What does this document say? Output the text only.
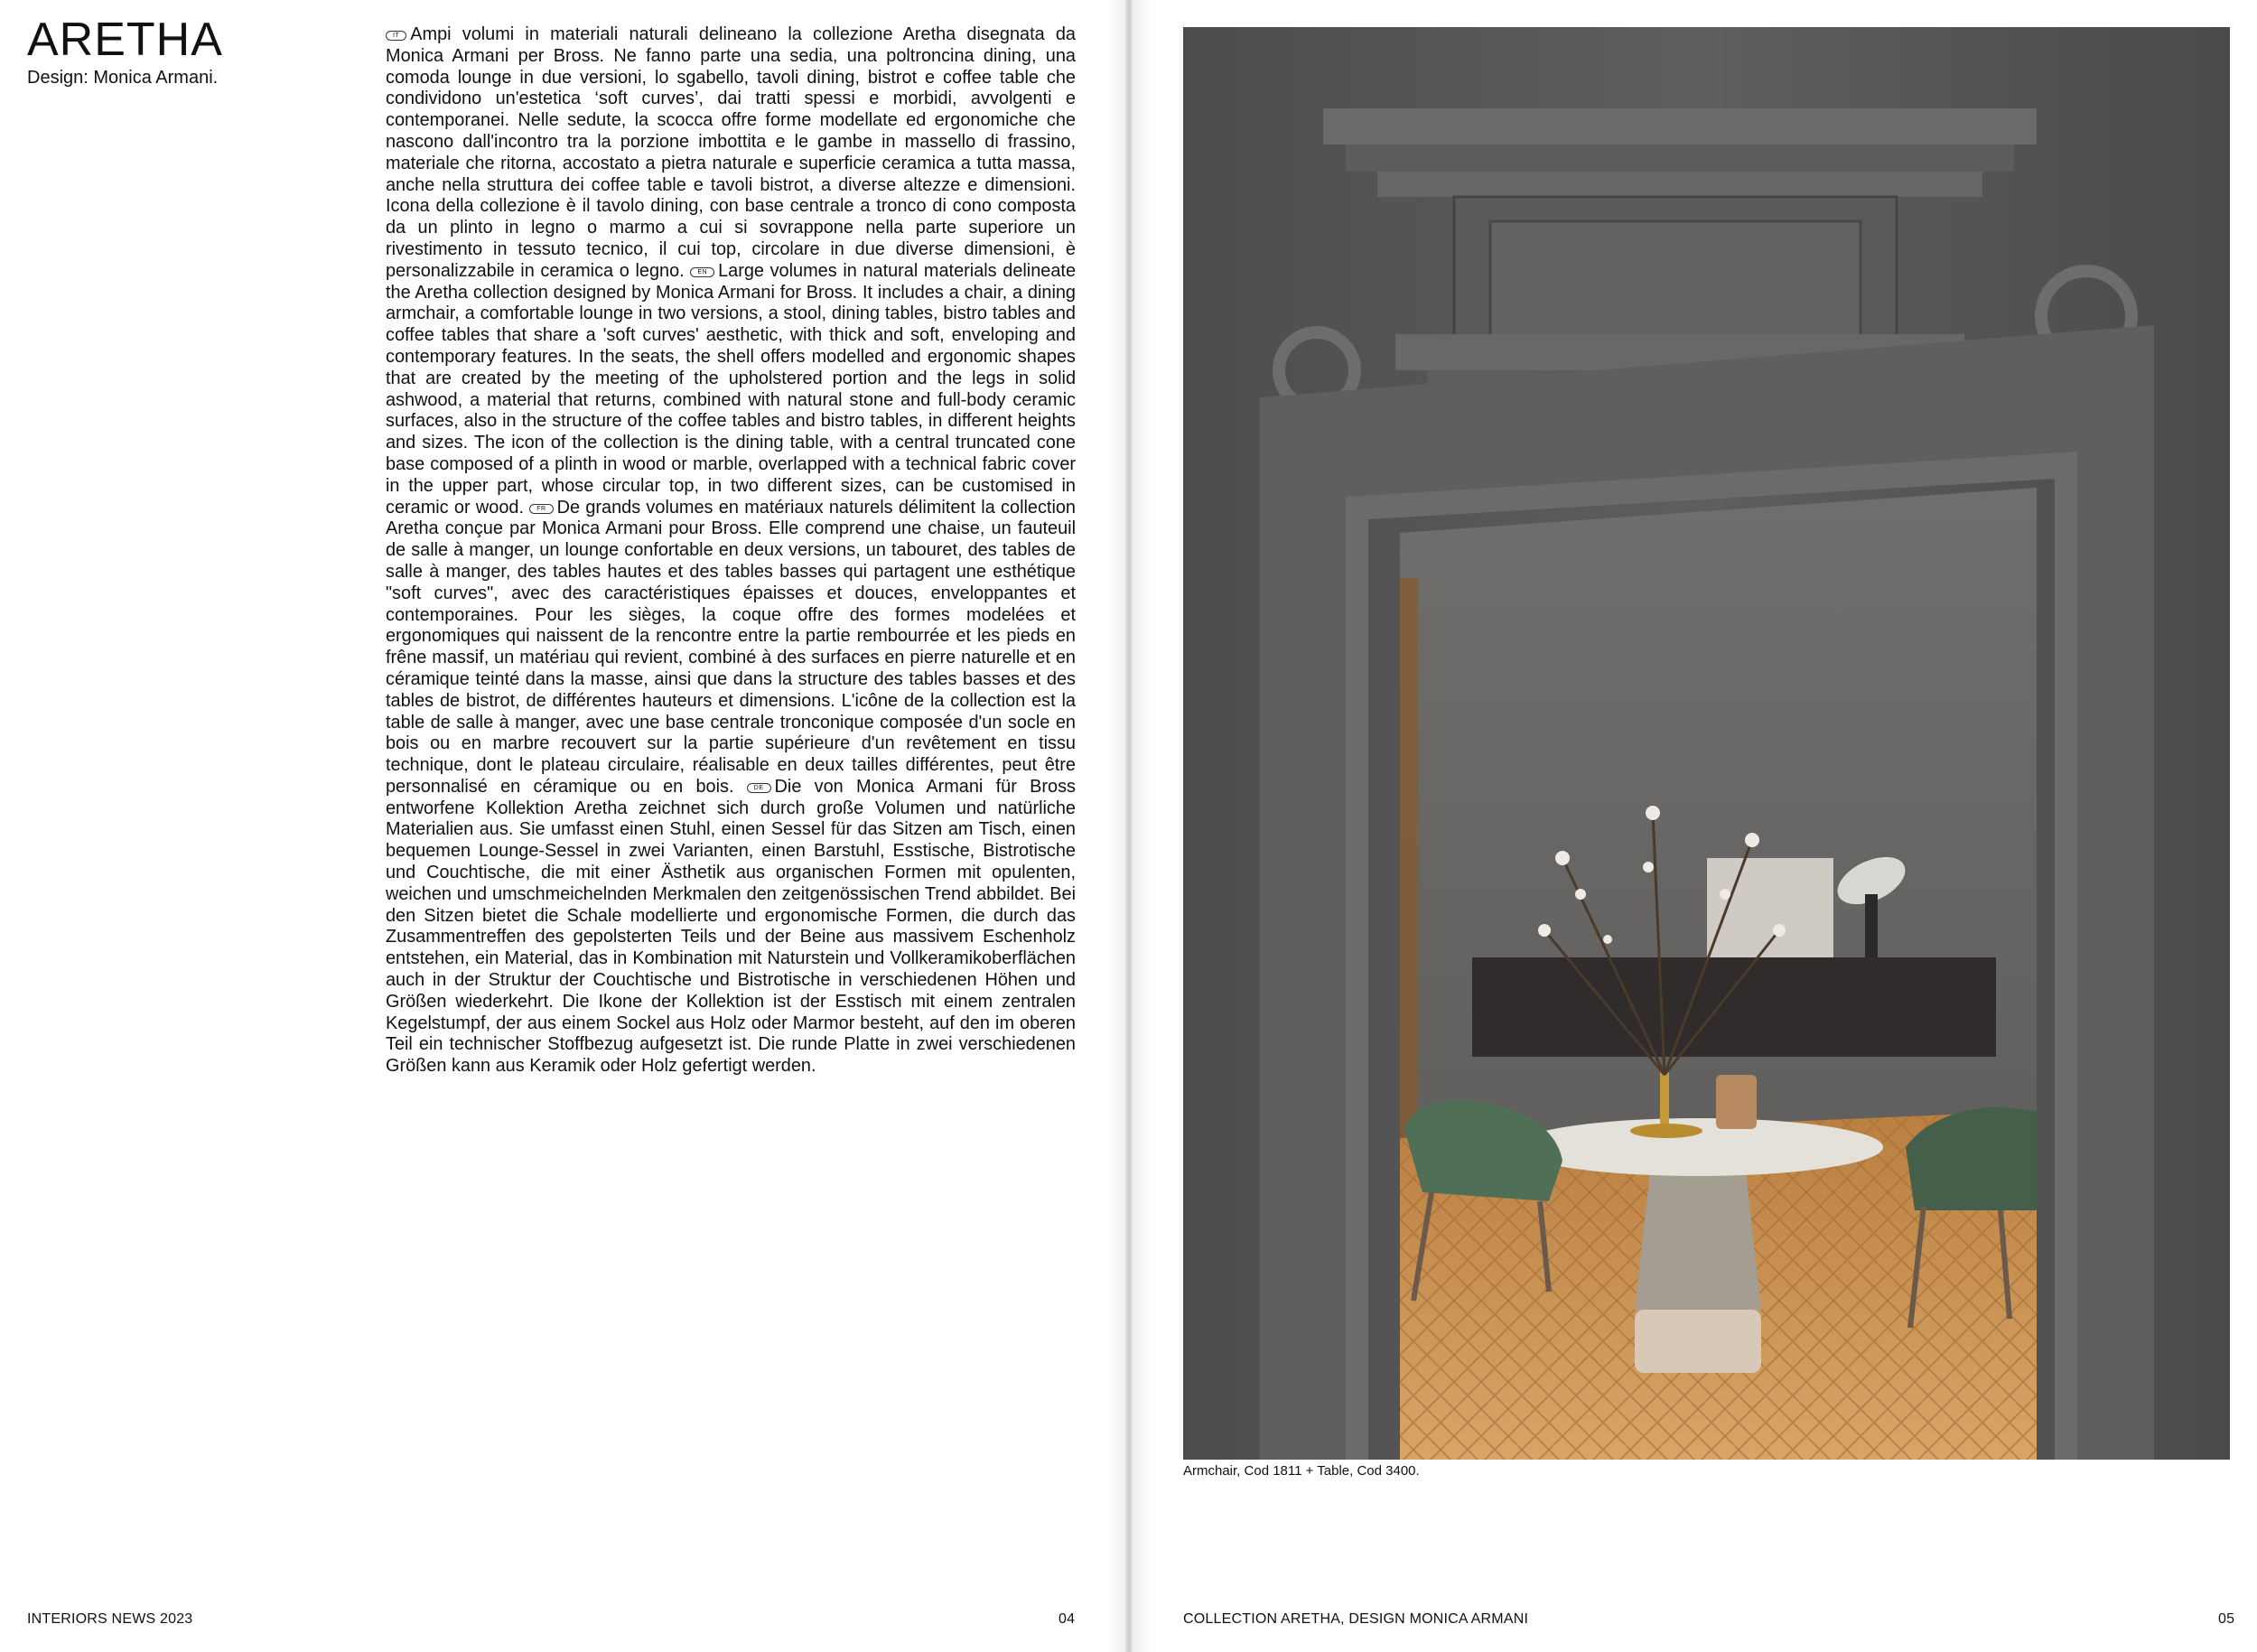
ARETHA
Design: Monica Armani.
IT Ampi volumi in materiali naturali delineano la collezione Aretha disegnata da Monica Armani per Bross. Ne fanno parte una sedia, una poltroncina dining, una comoda lounge in due versioni, lo sgabello, tavoli dining, bistrot e coffee table che condividono un'estetica ‘soft curves’, dai tratti spessi e morbidi, avvolgenti e contemporanei. Nelle sedute, la scocca offre forme modellate ed ergonomiche che nascono dall'incontro tra la porzione imbottita e le gambe in massello di frassino, materiale che ritorna, accostato a pietra naturale e superficie ceramica a tutta massa, anche nella struttura dei coffee table e tavoli bistrot, a diverse altezze e dimensioni. Icona della collezione è il tavolo dining, con base centrale a tronco di cono composta da un plinto in legno o marmo a cui si sovrappone nella parte superiore un rivestimento in tessuto tecnico, il cui top, circolare in due diverse dimensioni, è personalizzabile in ceramica o legno. EN Large volumes in natural materials delineate the Aretha collection designed by Monica Armani for Bross. It includes a chair, a dining armchair, a comfortable lounge in two versions, a stool, dining tables, bistro tables and coffee tables that share a 'soft curves' aesthetic, with thick and soft, enveloping and contemporary features. In the seats, the shell offers modelled and ergonomic shapes that are created by the meeting of the upholstered portion and the legs in solid ashwood, a material that returns, combined with natural stone and full-body ceramic surfaces, also in the structure of the coffee tables and bistro tables, in different heights and sizes. The icon of the collection is the dining table, with a central truncated cone base composed of a plinth in wood or marble, overlapped with a technical fabric cover in the upper part, whose circular top, in two different sizes, can be customised in ceramic or wood. FR De grands volumes en matériaux naturels délimitent la collection Aretha conçue par Monica Armani pour Bross. Elle comprend une chaise, un fauteuil de salle à manger, un lounge confortable en deux versions, un tabouret, des tables de salle à manger, des tables hautes et des tables basses qui partagent une esthétique "soft curves", avec des caractéristiques épaisses et douces, enveloppantes et contemporaines. Pour les sièges, la coque offre des formes modelées et ergonomiques qui naissent de la rencontre entre la partie rembourrée et les pieds en frêne massif, un matériau qui revient, combiné à des surfaces en pierre naturelle et en céramique teinté dans la masse, ainsi que dans la structure des tables basses et des tables de bistrot, de différentes hauteurs et dimensions. L'icône de la collection est la table de salle à manger, avec une base centrale tronconique composée d'un socle en bois ou en marbre recouvert sur la partie supérieure d'un revêtement en tissu technique, dont le plateau circulaire, réalisable en deux tailles différentes, peut être personnalisé en céramique ou en bois.	DE Die von Monica Armani für Bross entworfene Kollektion Aretha zeichnet sich durch große Volumen und natürliche Materialien aus. Sie umfasst einen Stuhl, einen Sessel für das Sitzen am Tisch, einen bequemen Lounge-Sessel in zwei Varianten, einen Barstuhl, Esstische, Bistrotische und Couchtische, die mit einer Ästhetik aus organischen Formen mit opulenten, weichen und umschmeichelnden Merkmalen den zeitgenössischen Trend abbildet. Bei den Sitzen bietet die Schale modellierte und ergonomische Formen, die durch das Zusammentreffen des gepolsterten Teils und der Beine aus massivem Eschenholz entstehen, ein Material, das in Kombination mit Naturstein und Vollkeramikoberflächen auch in der Struktur der Couchtische und Bistrotische in verschiedenen Höhen und Größen wiederkehrt. Die Ikone der Kollektion ist der Esstisch mit einem zentralen Kegelstumpf, der aus einem Sockel aus Holz oder Marmor besteht, auf den im oberen Teil ein technischer Stoffbezug aufgesetzt ist. Die runde Platte in zwei verschiedenen Größen kann aus Keramik oder Holz gefertigt werden.
INTERIORS NEWS 2023	04	COLLECTION ARETHA, DESIGN MONICA ARMANI	05
Armchair, Cod 1811 + Table, Cod 3400.
